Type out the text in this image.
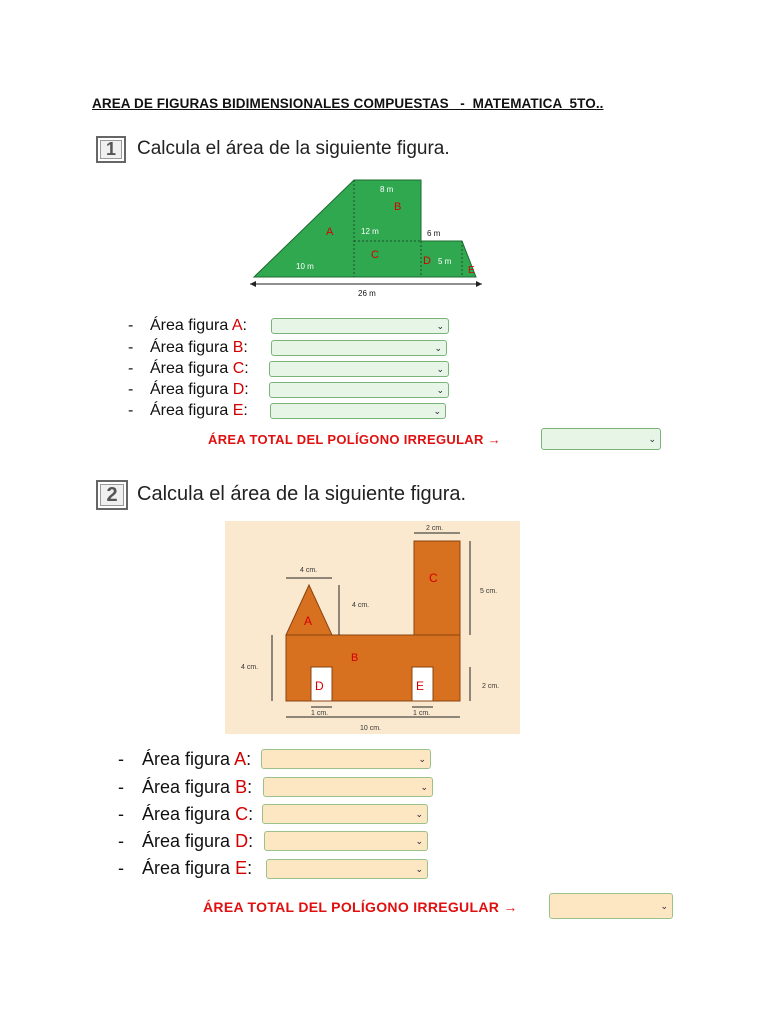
AREA DE FIGURAS BIDIMENSIONALES COMPUESTAS   -  MATEMATICA  5TO..
1	Calcula el área de la siguiente figura.
8 m
12 m	6 m
5 m
10 m
26 m
A
B
C	D
E
- Área figura A:	⌄
- Área figura B:	⌄
- Área figura C:	⌄
- Área figura D:	⌄
- Área figura E:	⌄
ÁREA TOTAL DEL POLÍGONO IRREGULAR →	⌄
2 Calcula el área de la siguiente figura.
4 cm.
4 cm.
2 cm.
5 cm.
4 cm.
2 cm.
1 cm.	1 cm.
10 cm.
A
B
C
D	E
- Área figura A:	⌄
- Área figura B:	⌄
- Área figura C:	⌄
- Área figura D:	⌄
- Área figura E:	⌄
ÁREA TOTAL DEL POLÍGONO IRREGULAR →	⌄
